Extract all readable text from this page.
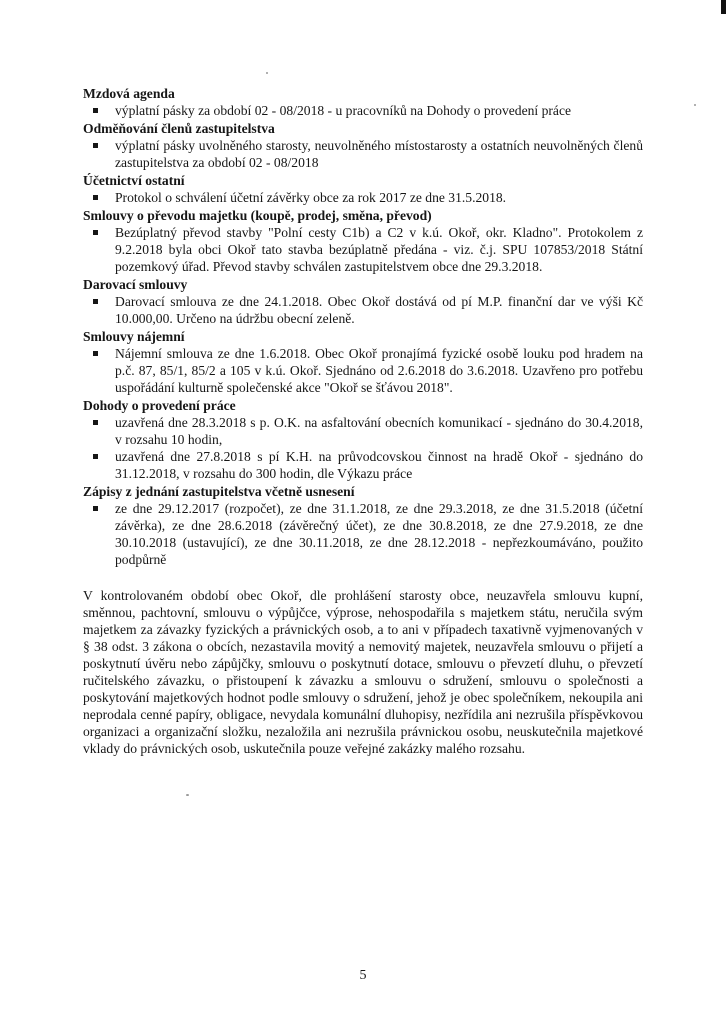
Mzdová agenda
výplatní pásky za období 02 - 08/2018 - u pracovníků na Dohody o provedení práce
Odměňování členů zastupitelstva
výplatní pásky uvolněného starosty, neuvolněného místostarosty a ostatních neuvolněných členů zastupitelstva za období 02 - 08/2018
Účetnictví ostatní
Protokol o schválení účetní závěrky obce za rok 2017 ze dne 31.5.2018.
Smlouvy o převodu majetku (koupě, prodej, směna, převod)
Bezúplatný převod stavby "Polní cesty C1b) a C2 v k.ú. Okoř, okr. Kladno". Protokolem z 9.2.2018 byla obci Okoř tato stavba bezúplatně předána - viz. č.j. SPU 107853/2018 Státní pozemkový úřad. Převod stavby schválen zastupitelstvem obce dne 29.3.2018.
Darovací smlouvy
Darovací smlouva ze dne 24.1.2018. Obec Okoř dostává od pí M.P. finanční dar ve výši Kč 10.000,00. Určeno na údržbu obecní zeleně.
Smlouvy nájemní
Nájemní smlouva ze dne 1.6.2018. Obec Okoř pronajímá fyzické osobě louku pod hradem na p.č. 87, 85/1, 85/2 a 105 v k.ú. Okoř. Sjednáno od 2.6.2018 do 3.6.2018. Uzavřeno pro potřebu uspořádání kulturně společenské akce "Okoř se šťávou 2018".
Dohody o provedení práce
uzavřená dne 28.3.2018 s p. O.K. na asfaltování obecních komunikací - sjednáno do 30.4.2018, v rozsahu 10 hodin,
uzavřená dne 27.8.2018 s pí K.H. na průvodcovskou činnost na hradě Okoř - sjednáno do 31.12.2018, v rozsahu do 300 hodin, dle Výkazu práce
Zápisy z jednání zastupitelstva včetně usnesení
ze dne 29.12.2017 (rozpočet), ze dne 31.1.2018, ze dne 29.3.2018, ze dne 31.5.2018 (účetní závěrka), ze dne 28.6.2018 (závěrečný účet), ze dne 30.8.2018, ze dne 27.9.2018, ze dne 30.10.2018 (ustavující), ze dne 30.11.2018, ze dne 28.12.2018 - nepřezkoumáváno, použito podpůrně

V kontrolovaném období obec Okoř, dle prohlášení starosty obce, neuzavřela smlouvu kupní, směnnou, pachtovní, smlouvu o výpůjčce, výprose, nehospodařila s majetkem státu, neručila svým majetkem za závazky fyzických a právnických osob, a to ani v případech taxativně vyjmenovaných v § 38 odst. 3 zákona o obcích, nezastavila movitý a nemovitý majetek, neuzavřela smlouvu o přijetí a poskytnutí úvěru nebo zápůjčky, smlouvu o poskytnutí dotace, smlouvu o převzetí dluhu, o převzetí ručitelského závazku, o přistoupení k závazku a smlouvu o sdružení, smlouvu o společnosti a poskytování majetkových hodnot podle smlouvy o sdružení, jehož je obec společníkem, nekoupila ani neprodala cenné papíry, obligace, nevydala komunální dluhopisy, nezřídila ani nezrušila příspěvkovou organizaci a organizační složku, nezaložila ani nezrušila právnickou osobu, neuskutečnila majetkové vklady do právnických osob, uskutečnila pouze veřejné zakázky malého rozsahu.

5
